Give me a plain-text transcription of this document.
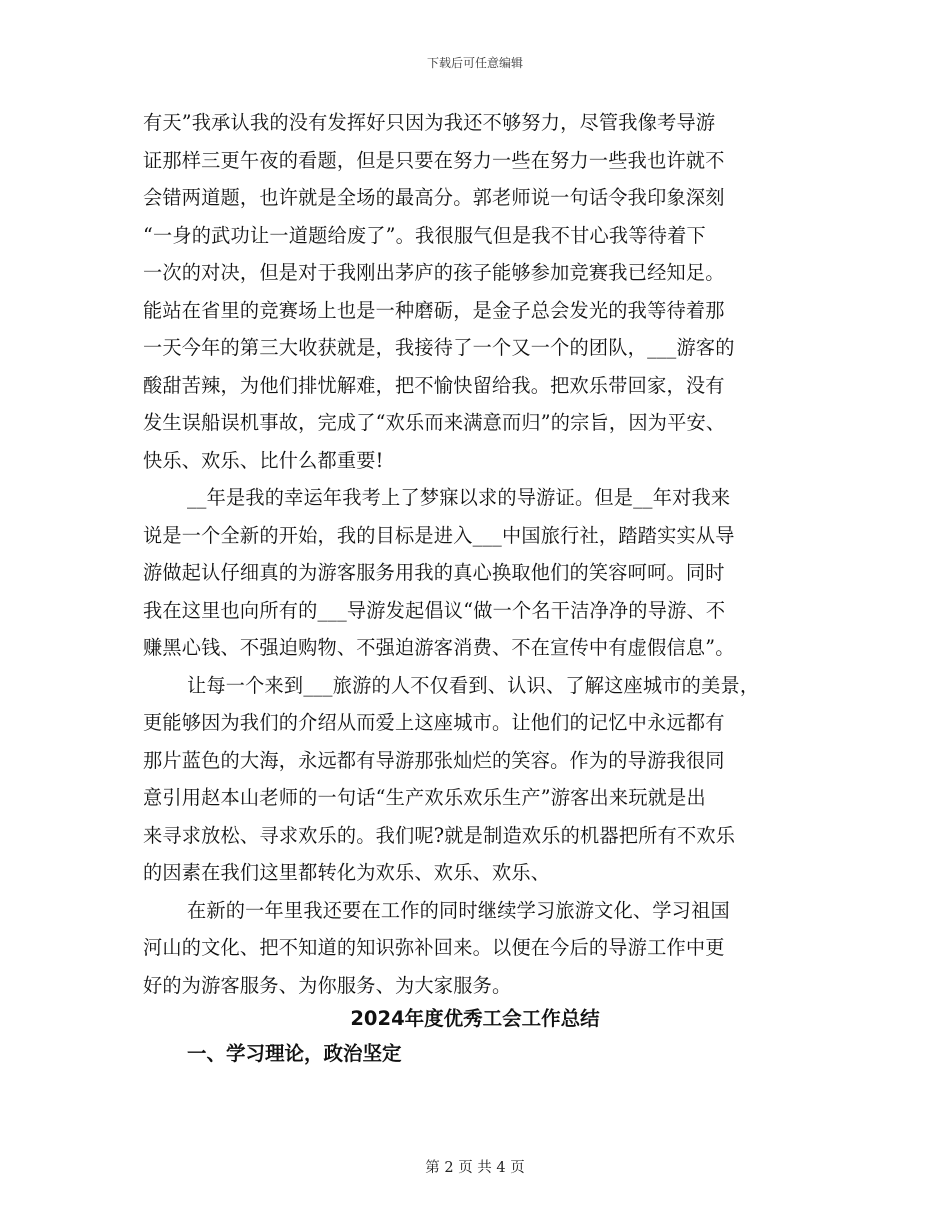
下载后可任意编辑
有天”我承认我的没有发挥好只因为我还不够努力，尽管我像考导游
证那样三更午夜的看题，但是只要在努力一些在努力一些我也许就不
会错两道题，也许就是全场的最高分。郭老师说一句话令我印象深刻
“一身的武功让一道题给废了”。我很服气但是我不甘心我等待着下
一次的对决，但是对于我刚出茅庐的孩子能够参加竞赛我已经知足。
能站在省里的竞赛场上也是一种磨砺，是金子总会发光的我等待着那
一天今年的第三大收获就是，我接待了一个又一个的团队，___游客的
酸甜苦辣，为他们排忧解难，把不愉快留给我。把欢乐带回家，没有
发生误船误机事故，完成了“欢乐而来满意而归”的宗旨，因为平安、
快乐、欢乐、比什么都重要!
__年是我的幸运年我考上了梦寐以求的导游证。但是__年对我来
说是一个全新的开始，我的目标是进入___中国旅行社，踏踏实实从导
游做起认仔细真的为游客服务用我的真心换取他们的笑容呵呵。同时
我在这里也向所有的___导游发起倡议“做一个名干洁净净的导游、不
赚黑心钱、不强迫购物、不强迫游客消费、不在宣传中有虚假信息”。
让每一个来到___旅游的人不仅看到、认识、了解这座城市的美景，
更能够因为我们的介绍从而爱上这座城市。让他们的记忆中永远都有
那片蓝色的大海，永远都有导游那张灿烂的笑容。作为的导游我很同
意引用赵本山老师的一句话“生产欢乐欢乐生产”游客出来玩就是出
来寻求放松、寻求欢乐的。我们呢?就是制造欢乐的机器把所有不欢乐
的因素在我们这里都转化为欢乐、欢乐、欢乐、
在新的一年里我还要在工作的同时继续学习旅游文化、学习祖国
河山的文化、把不知道的知识弥补回来。以便在今后的导游工作中更
好的为游客服务、为你服务、为大家服务。
2024年度优秀工会工作总结
一、学习理论，政治坚定
第 2 页 共 4 页
